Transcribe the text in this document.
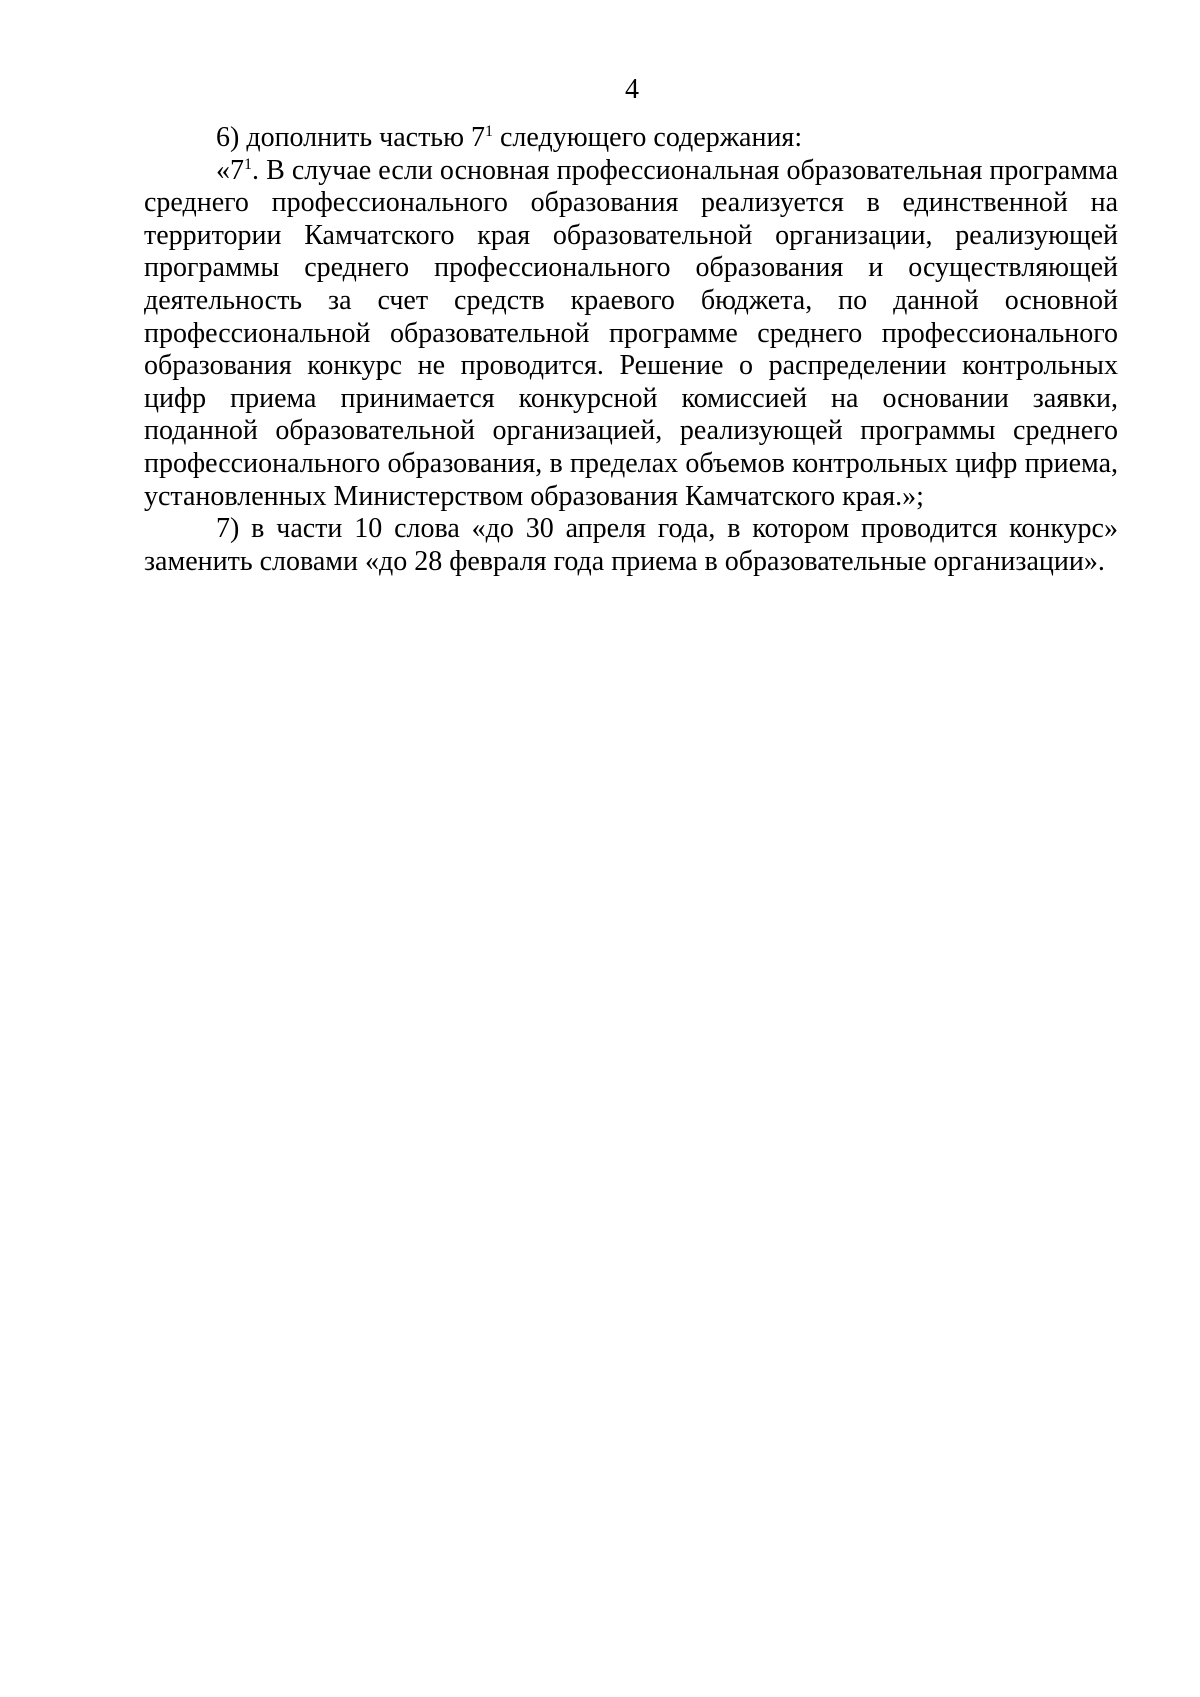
4

6) дополнить частью $7^1$ следующего содержания:

«$7^1$. В случае если основная профессиональная образовательная программа среднего профессионального образования реализуется в единственной на территории Камчатского края образовательной организации, реализующей программы среднего профессионального образования и осуществляющей деятельность за счет средств краевого бюджета, по данной основной профессиональной образовательной программе среднего профессионального образования конкурс не проводится. Решение о распределении контрольных цифр приема принимается конкурсной комиссией на основании заявки, поданной образовательной организацией, реализующей программы среднего профессионального образования, в пределах объемов контрольных цифр приема, установленных Министерством образования Камчатского края.»;

7) в части 10 слова «до 30 апреля года, в котором проводится конкурс» заменить словами «до 28 февраля года приема в образовательные организации».
